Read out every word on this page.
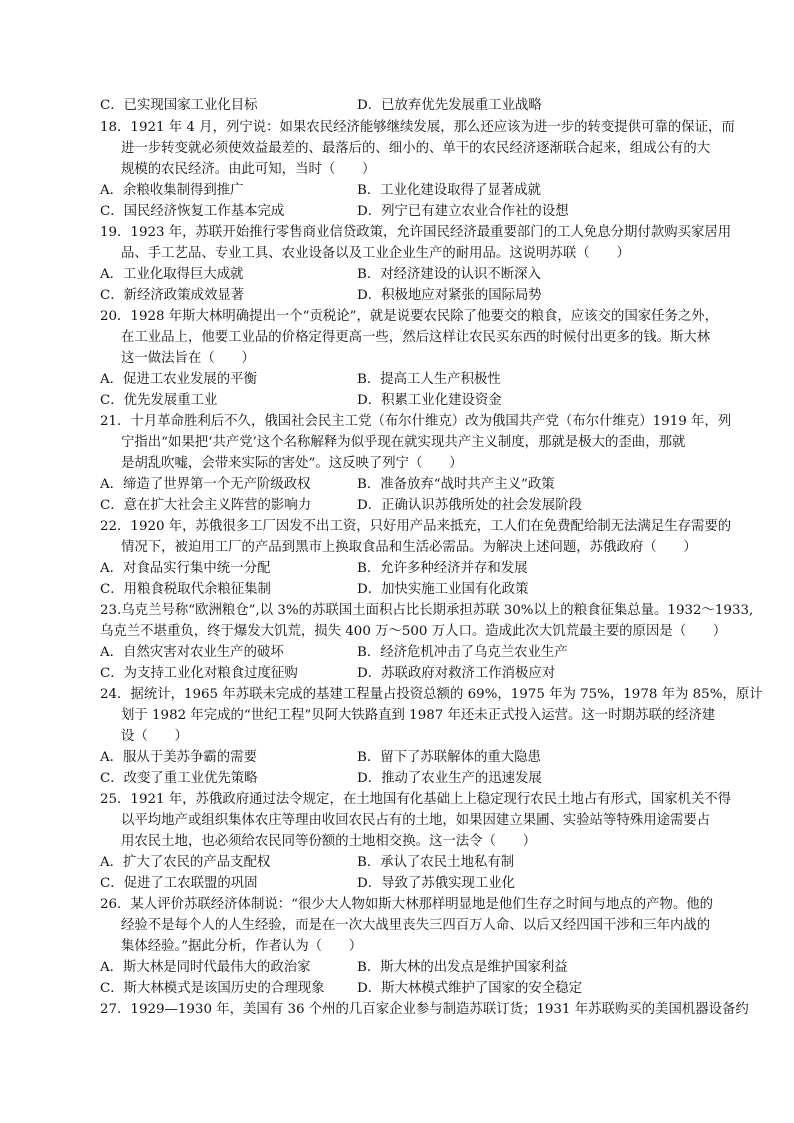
C．已实现国家工业化目标	D．已放弃优先发展重工业战略
18．1921 年 4 月，列宁说：如果农民经济能够继续发展，那么还应该为进一步的转变提供可靠的保证，而
进一步转变就必须使效益最差的、最落后的、细小的、单干的农民经济逐渐联合起来，组成公有的大
规模的农民经济。由此可知，当时（　　）
A．余粮收集制得到推广	B．工业化建设取得了显著成就
C．国民经济恢复工作基本完成	D．列宁已有建立农业合作社的设想
19．1923 年，苏联开始推行零售商业信贷政策，允许国民经济最重要部门的工人免息分期付款购买家居用
品、手工艺品、专业工具、农业设备以及工业企业生产的耐用品。这说明苏联（　　）
A．工业化取得巨大成就	B．对经济建设的认识不断深入
C．新经济政策成效显著	D．积极地应对紧张的国际局势
20．1928 年斯大林明确提出一个“贡税论”，就是说要农民除了他要交的粮食，应该交的国家任务之外，
在工业品上，他要工业品的价格定得更高一些，然后这样让农民买东西的时候付出更多的钱。斯大林
这一做法旨在（　　）
A．促进工农业发展的平衡	B．提高工人生产积极性
C．优先发展重工业	D．积累工业化建设资金
21．十月革命胜利后不久，俄国社会民主工党（布尔什维克）改为俄国共产党（布尔什维克）1919 年，列
宁指出“如果把‘共产党’这个名称解释为似乎现在就实现共产主义制度，那就是极大的歪曲，那就
是胡乱吹嘘，会带来实际的害处”。这反映了列宁（　　）
A．缔造了世界第一个无产阶级政权	B．准备放弃“战时共产主义”政策
C．意在扩大社会主义阵营的影响力	D．正确认识苏俄所处的社会发展阶段
22．1920 年，苏俄很多工厂因发不出工资，只好用产品来抵充，工人们在免费配给制无法满足生存需要的
情况下，被迫用工厂的产品到黑市上换取食品和生活必需品。为解决上述问题，苏俄政府（　　）
A．对食品实行集中统一分配	B．允许多种经济并存和发展
C．用粮食税取代余粮征集制	D．加快实施工业国有化政策
23.乌克兰号称“欧洲粮仓”,以 3%的苏联国土面积占比长期承担苏联 30%以上的粮食征集总量。1932～1933,
乌克兰不堪重负，终于爆发大饥荒，损失 400 万～500 万人口。造成此次大饥荒最主要的原因是（　　）
A．自然灾害对农业生产的破坏	B．经济危机冲击了乌克兰农业生产
C．为支持工业化对粮食过度征购	D．苏联政府对救济工作消极应对
24．据统计，1965 年苏联未完成的基建工程量占投资总额的 69%，1975 年为 75%，1978 年为 85%，原计
划于 1982 年完成的“世纪工程”贝阿大铁路直到 1987 年还未正式投入运营。这一时期苏联的经济建
设（　　）
A．服从于美苏争霸的需要	B．留下了苏联解体的重大隐患
C．改变了重工业优先策略	D．推动了农业生产的迅速发展
25．1921 年，苏俄政府通过法令规定，在土地国有化基础上上稳定现行农民土地占有形式，国家机关不得
以平均地产或组织集体农庄等理由收回农民占有的土地，如果因建立果圃、实验站等特殊用途需要占
用农民土地，也必须给农民同等份额的土地相交换。这一法令（　　）
A．扩大了农民的产品支配权	B．承认了农民土地私有制
C．促进了工农联盟的巩固	D．导致了苏俄实现工业化
26．某人评价苏联经济体制说：“很少大人物如斯大林那样明显地是他们生存之时间与地点的产物。他的
经验不是每个人的人生经验，而是在一次大战里丧失三四百万人命、以后又经四国干涉和三年内战的
集体经验。”据此分析，作者认为（　　）
A．斯大林是同时代最伟大的政治家	B．斯大林的出发点是维护国家利益
C．斯大林模式是该国历史的合理现象 D．斯大林模式维护了国家的安全稳定
27．1929—1930 年，美国有 36 个州的几百家企业参与制造苏联订货；1931 年苏联购买的美国机器设备约
